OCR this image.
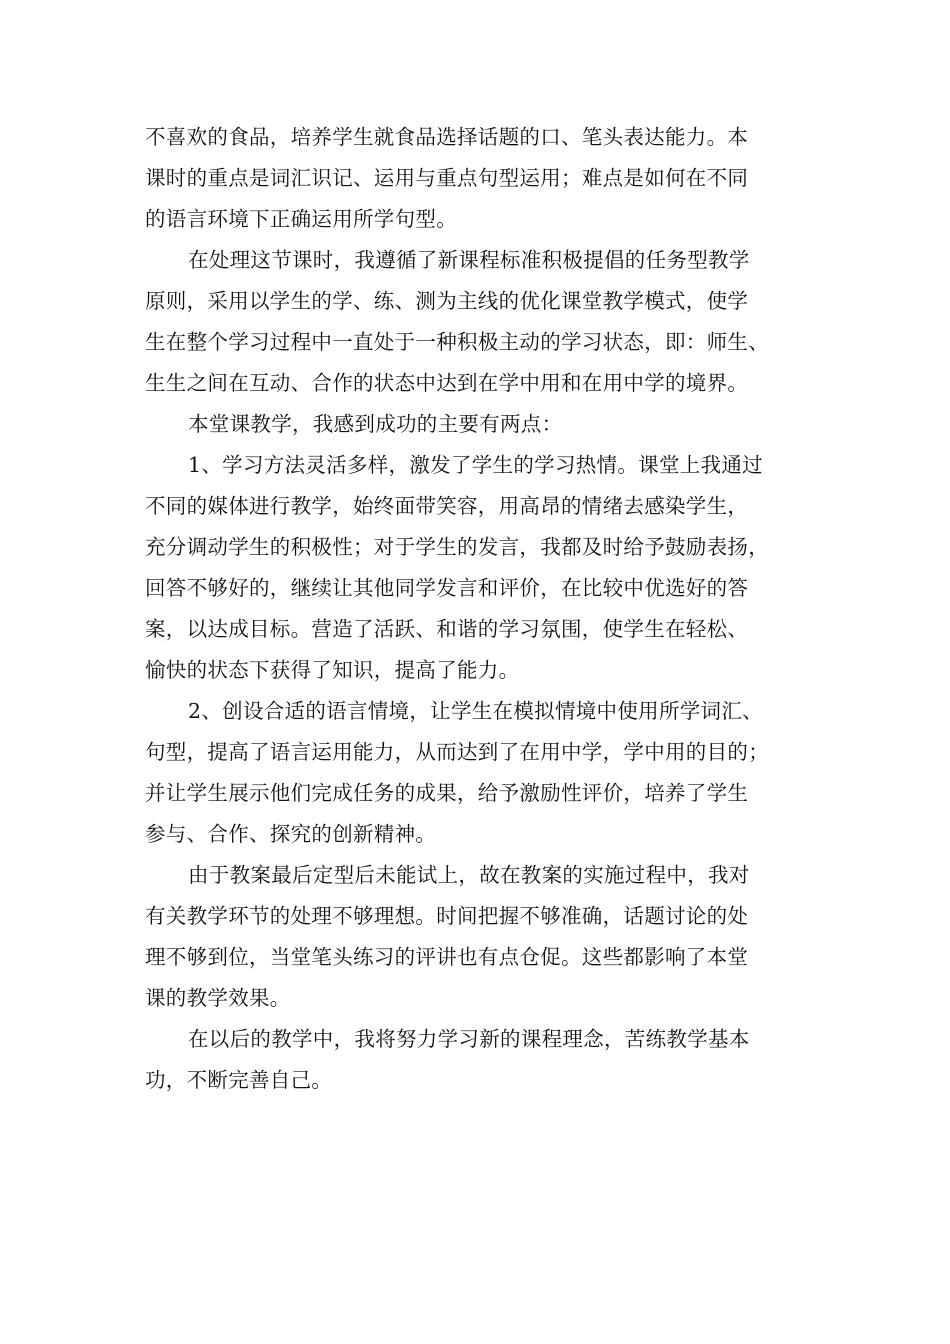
不喜欢的食品，培养学生就食品选择话题的口、笔头表达能力。本
课时的重点是词汇识记、运用与重点句型运用；难点是如何在不同
的语言环境下正确运用所学句型。
在处理这节课时，我遵循了新课程标准积极提倡的任务型教学
原则，采用以学生的学、练、测为主线的优化课堂教学模式，使学
生在整个学习过程中一直处于一种积极主动的学习状态，即：师生、
生生之间在互动、合作的状态中达到在学中用和在用中学的境界。
本堂课教学，我感到成功的主要有两点：
1、学习方法灵活多样，激发了学生的学习热情。课堂上我通过
不同的媒体进行教学，始终面带笑容，用高昂的情绪去感染学生，
充分调动学生的积极性；对于学生的发言，我都及时给予鼓励表扬，
回答不够好的，继续让其他同学发言和评价，在比较中优选好的答
案，以达成目标。营造了活跃、和谐的学习氛围，使学生在轻松、
愉快的状态下获得了知识，提高了能力。
2、创设合适的语言情境，让学生在模拟情境中使用所学词汇、
句型，提高了语言运用能力，从而达到了在用中学，学中用的目的；
并让学生展示他们完成任务的成果，给予激励性评价，培养了学生
参与、合作、探究的创新精神。
由于教案最后定型后未能试上，故在教案的实施过程中，我对
有关教学环节的处理不够理想。时间把握不够准确，话题讨论的处
理不够到位，当堂笔头练习的评讲也有点仓促。这些都影响了本堂
课的教学效果。
在以后的教学中，我将努力学习新的课程理念，苦练教学基本
功，不断完善自己。
